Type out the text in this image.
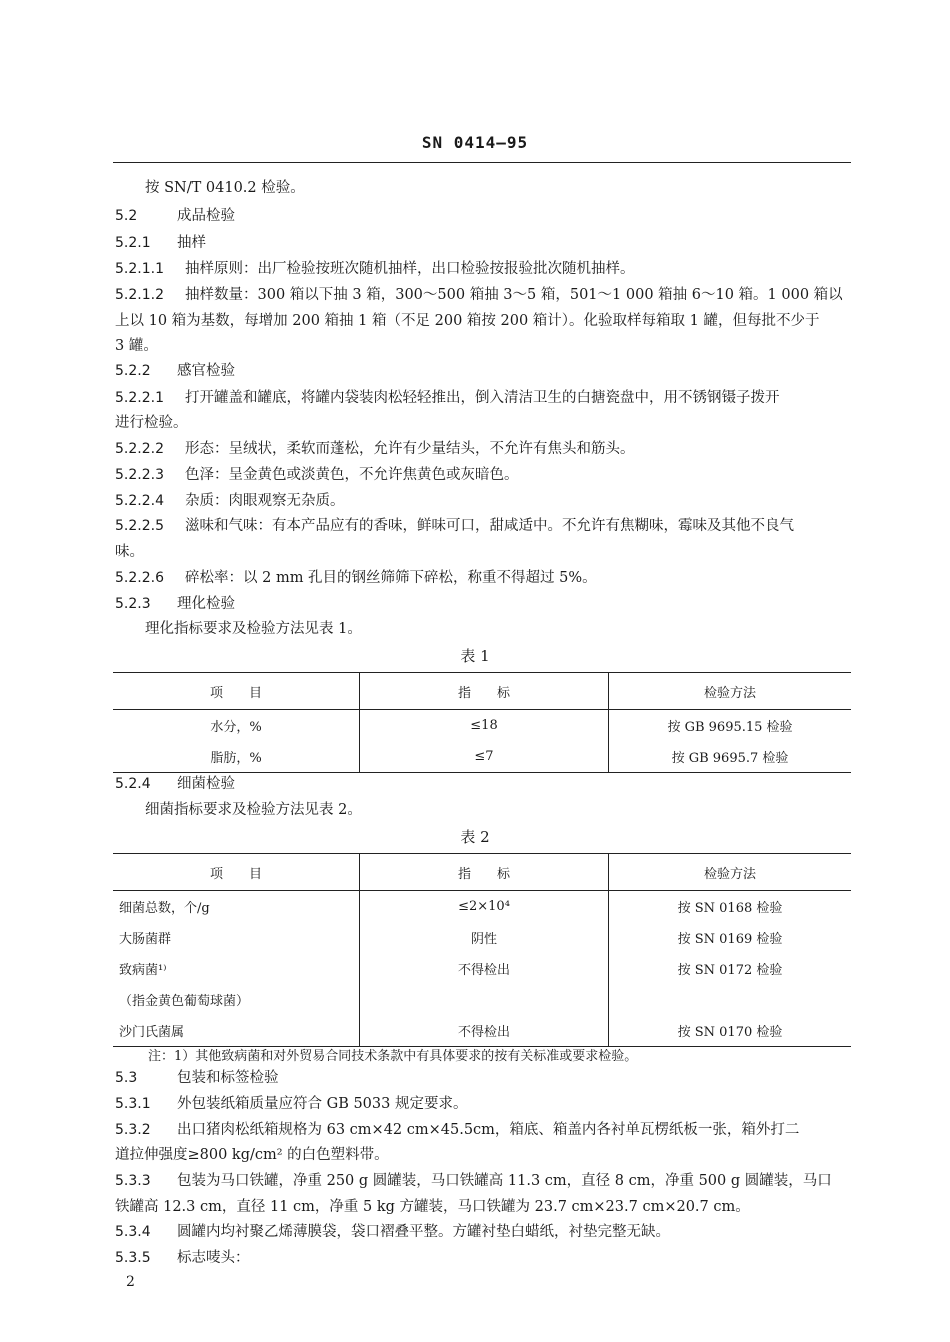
SN 0414—95
按 SN/T 0410.2 检验。
5.2	成品检验
5.2.1 抽样
5.2.1.1 抽样原则：出厂检验按班次随机抽样，出口检验按报验批次随机抽样。
5.2.1.2 抽样数量：300 箱以下抽 3 箱，300～500 箱抽 3～5 箱，501～1 000 箱抽 6～10 箱。1 000 箱以
上以 10 箱为基数，每增加 200 箱抽 1 箱（不足 200 箱按 200 箱计）。化验取样每箱取 1 罐，但每批不少于
3 罐。
5.2.2 感官检验
5.2.2.1 打开罐盖和罐底，将罐内袋装肉松轻轻推出，倒入清洁卫生的白搪瓷盘中，用不锈钢镊子拨开
进行检验。
5.2.2.2 形态：呈绒状，柔软而蓬松，允许有少量结头，不允许有焦头和筋头。
5.2.2.3 色泽：呈金黄色或淡黄色，不允许焦黄色或灰暗色。
5.2.2.4 杂质：肉眼观察无杂质。
5.2.2.5 滋味和气味：有本产品应有的香味，鲜味可口，甜咸适中。不允许有焦糊味，霉味及其他不良气
味。
5.2.2.6 碎松率：以 2 mm 孔目的钢丝筛筛下碎松，称重不得超过 5%。
5.2.3 理化检验
理化指标要求及检验方法见表 1。
表 1
项　　目	指　　标	检验方法
水分，%	≤18	按 GB 9695.15 检验
脂肪，%	≤7	按 GB 9695.7 检验
5.2.4 细菌检验
细菌指标要求及检验方法见表 2。
表 2
项　　目	指　　标	检验方法
细菌总数，个/g	≤2×10⁴	按 SN 0168 检验
大肠菌群	阴性	按 SN 0169 检验
致病菌¹⁾	不得检出	按 SN 0172 检验
（指金黄色葡萄球菌）		
沙门氏菌属	不得检出	按 SN 0170 检验
注：1）其他致病菌和对外贸易合同技术条款中有具体要求的按有关标准或要求检验。
5.3	包装和标签检验
5.3.1 外包装纸箱质量应符合 GB 5033 规定要求。
5.3.2 出口猪肉松纸箱规格为 63 cm×42 cm×45.5cm，箱底、箱盖内各衬单瓦楞纸板一张，箱外打二
道拉伸强度≥800 kg/cm² 的白色塑料带。
5.3.3 包装为马口铁罐，净重 250 g 圆罐装，马口铁罐高 11.3 cm，直径 8 cm，净重 500 g 圆罐装，马口
铁罐高 12.3 cm，直径 11 cm，净重 5 kg 方罐装，马口铁罐为 23.7 cm×23.7 cm×20.7 cm。
5.3.4 圆罐内均衬聚乙烯薄膜袋，袋口褶叠平整。方罐衬垫白蜡纸，衬垫完整无缺。
5.3.5 标志唛头：
2
